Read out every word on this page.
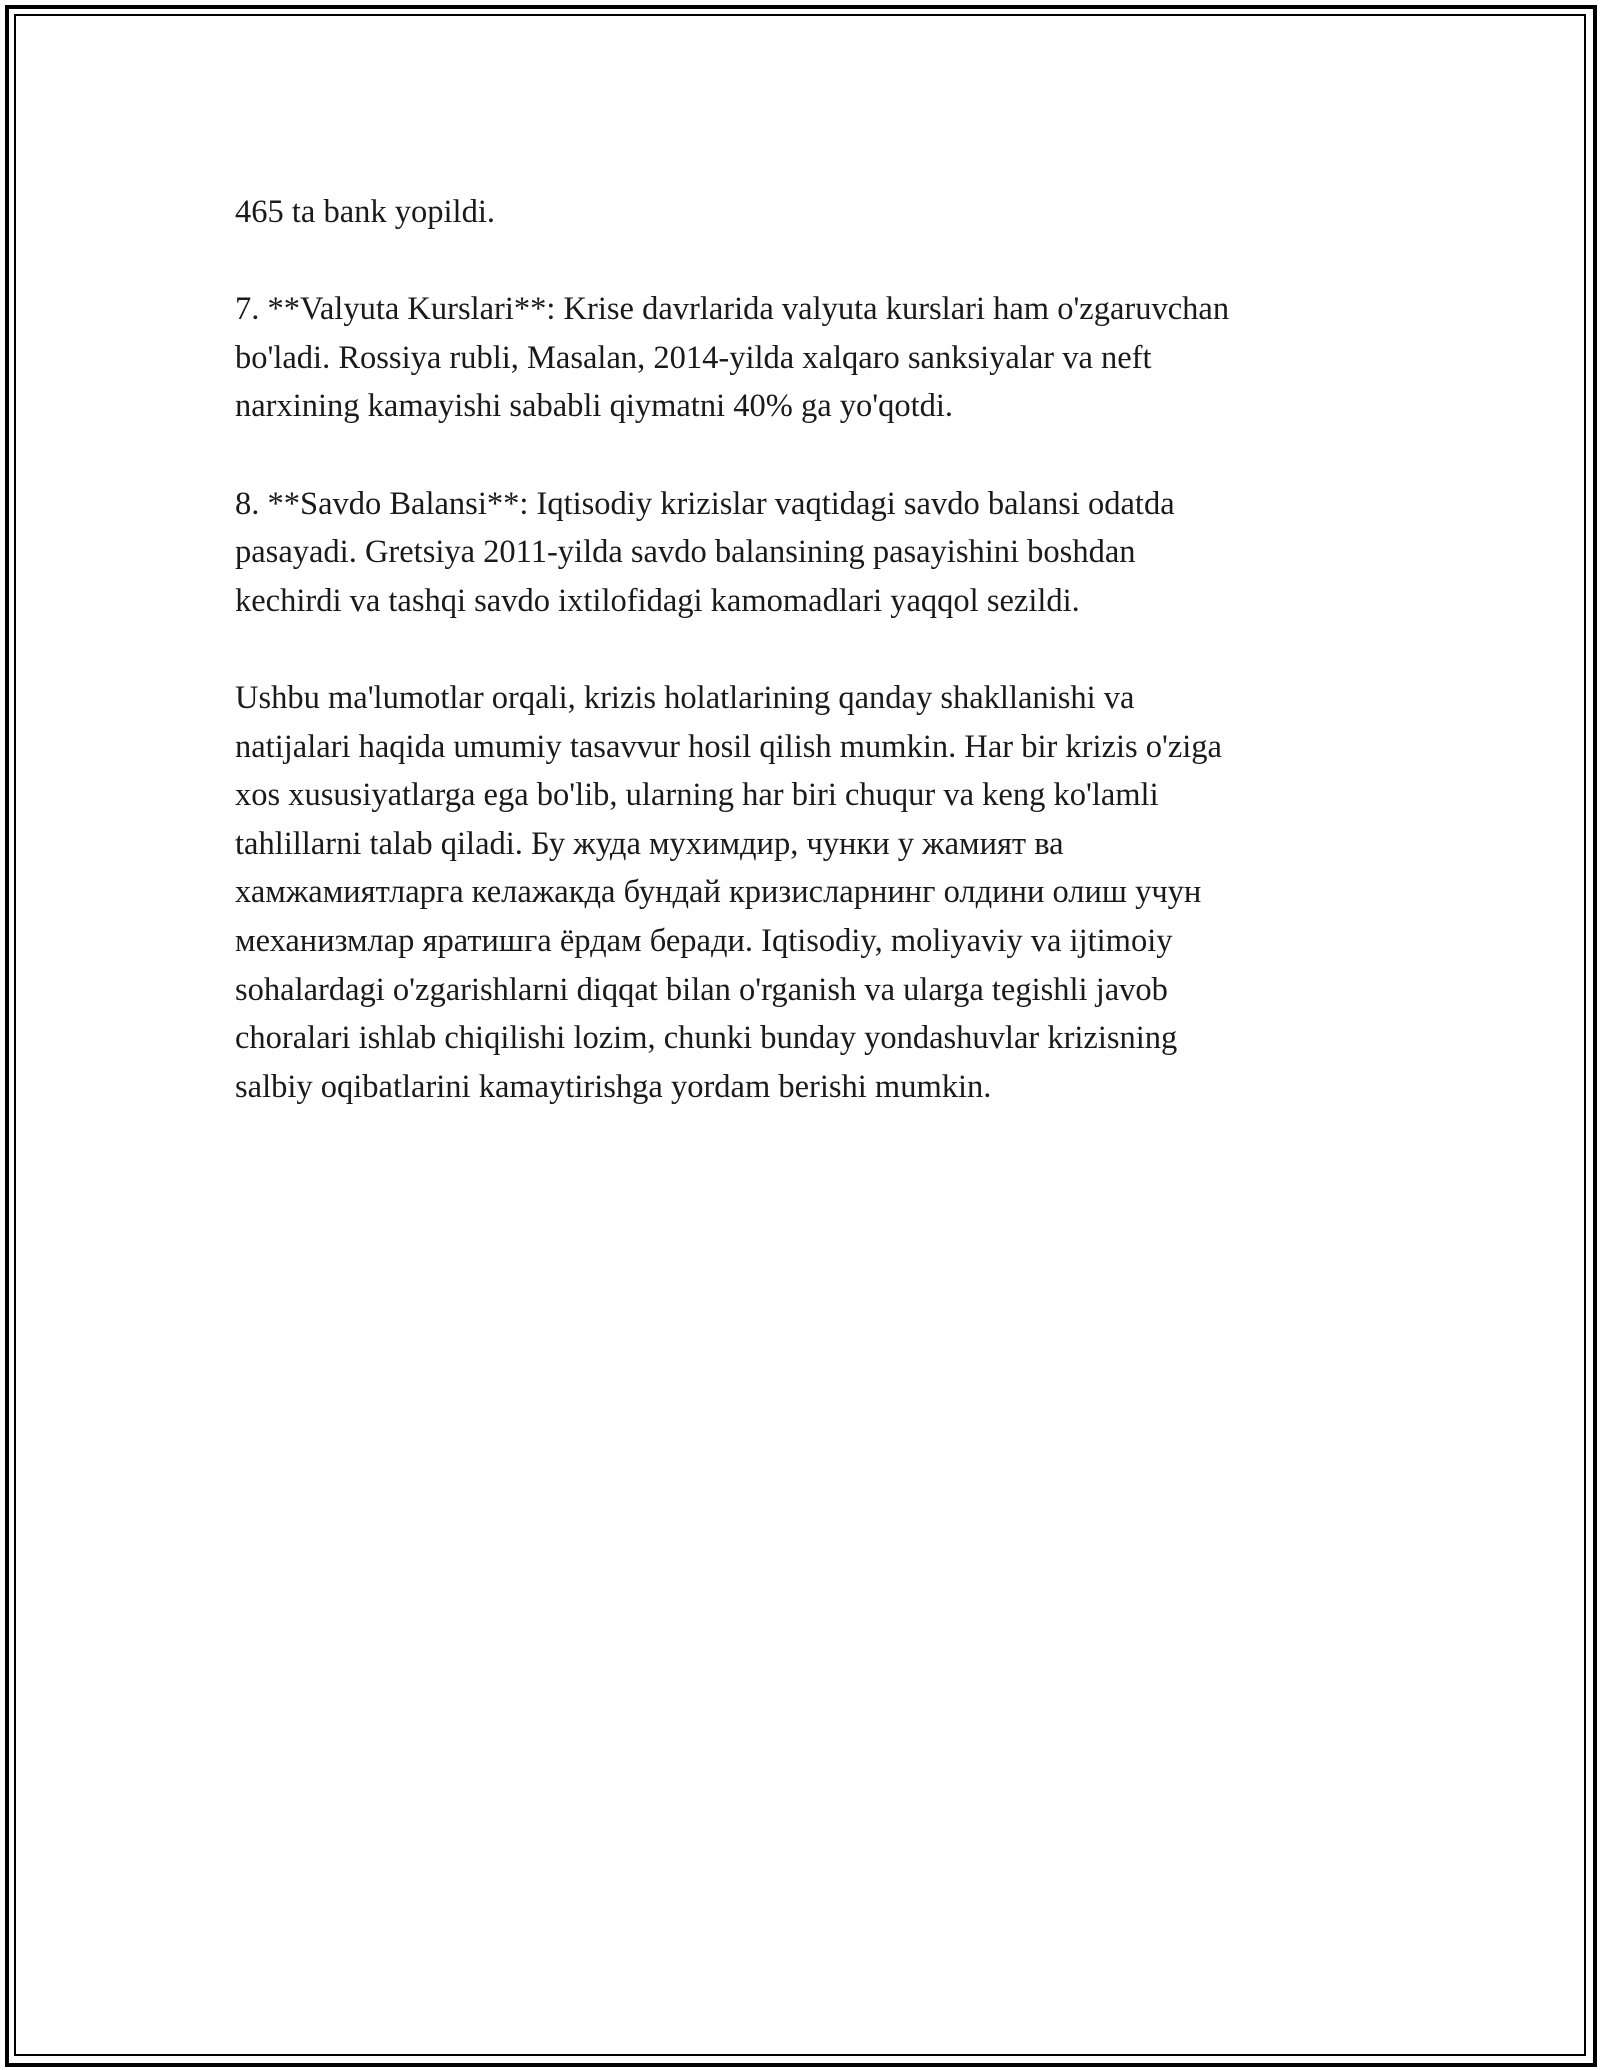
465 ta bank yopildi.

7. **Valyuta Kurslari**: Krise davrlarida valyuta kurslari ham o'zgaruvchan
bo'ladi. Rossiya rubli, Masalan, 2014-yilda xalqaro sanksiyalar va neft
narxining kamayishi sababli qiymatni 40% ga yo'qotdi.

8. **Savdo Balansi**: Iqtisodiy krizislar vaqtidagi savdo balansi odatda
pasayadi. Gretsiya 2011-yilda savdo balansining pasayishini boshdan
kechirdi va tashqi savdo ixtilofidagi kamomadlari yaqqol sezildi.

Ushbu ma'lumotlar orqali, krizis holatlarining qanday shakllanishi va
natijalari haqida umumiy tasavvur hosil qilish mumkin. Har bir krizis o'ziga
xos xususiyatlarga ega bo'lib, ularning har biri chuqur va keng ko'lamli
tahlillarni talab qiladi. Бу жуда мухимдир, чунки у жамият ва
хамжамиятларга келажакда бундай кризисларнинг олдини олиш учун
механизмлар яратишга ёрдам беради. Iqtisodiy, moliyaviy va ijtimoiy
sohalardagi o'zgarishlarni diqqat bilan o'rganish va ularga tegishli javob
choralari ishlab chiqilishi lozim, chunki bunday yondashuvlar krizisning
salbiy oqibatlarini kamaytirishga yordam berishi mumkin.
